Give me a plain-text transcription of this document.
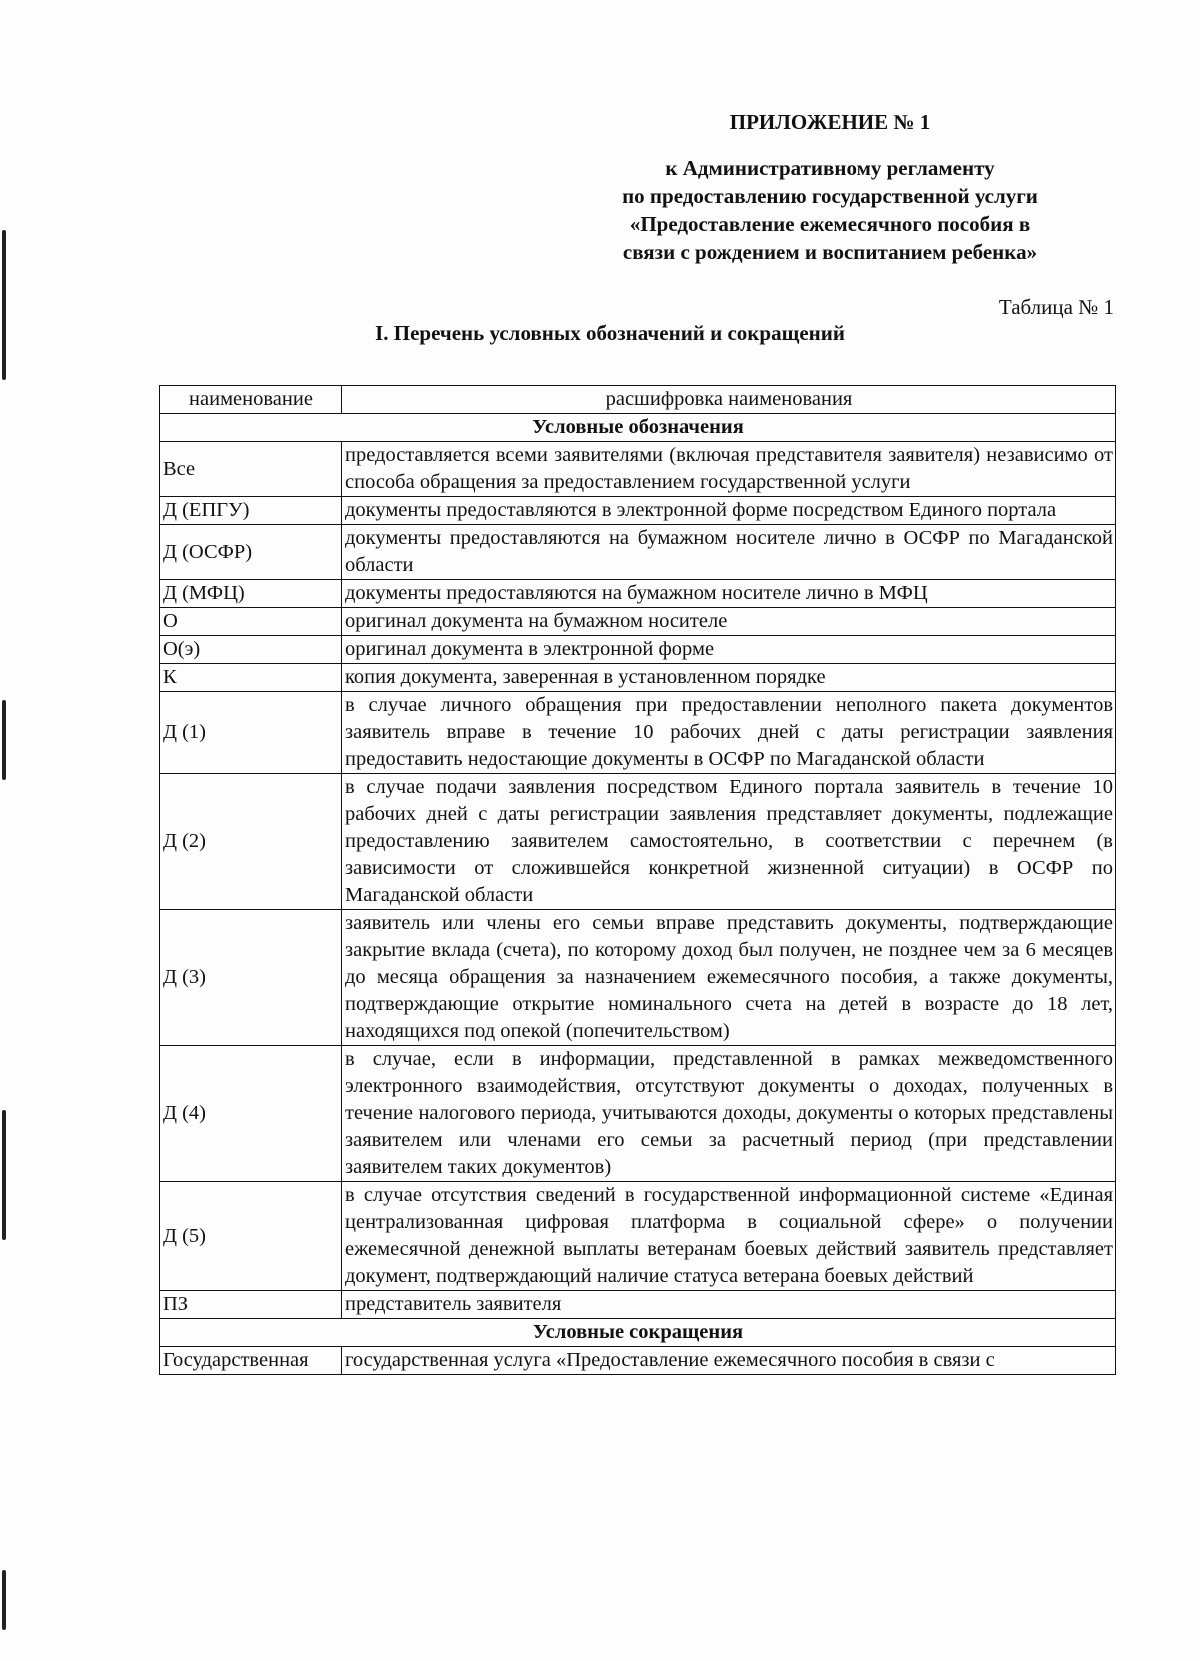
ПРИЛОЖЕНИЕ № 1
к Административному регламенту
по предоставлению государственной услуги
«Предоставление ежемесячного пособия в
связи с рождением и воспитанием ребенка»
Таблица № 1
I. Перечень условных обозначений и сокращений
наименование	расшифровка наименования
Условные обозначения	
Все	предоставляется всеми заявителями (включая представителя заявителя) независимо от способа обращения за предоставлением государственной услуги
Д (ЕПГУ)	документы предоставляются в электронной форме посредством Единого портала
Д (ОСФР)	документы предоставляются на бумажном носителе лично в ОСФР по Магаданской области
Д (МФЦ)	документы предоставляются на бумажном носителе лично в МФЦ
О	оригинал документа на бумажном носителе
О(э)	оригинал документа в электронной форме
К	копия документа, заверенная в установленном порядке
Д (1)	в случае личного обращения при предоставлении неполного пакета документов заявитель вправе в течение 10 рабочих дней с даты регистрации заявления предоставить недостающие документы в ОСФР по Магаданской области
Д (2)	в случае подачи заявления посредством Единого портала заявитель в течение 10 рабочих дней с даты регистрации заявления представляет документы, подлежащие предоставлению заявителем самостоятельно, в соответствии с перечнем (в зависимости от сложившейся конкретной жизненной ситуации) в ОСФР по Магаданской области
Д (3)	заявитель или члены его семьи вправе представить документы, подтверждающие закрытие вклада (счета), по которому доход был получен, не позднее чем за 6 месяцев до месяца обращения за назначением ежемесячного пособия, а также документы, подтверждающие открытие номинального счета на детей в возрасте до 18 лет, находящихся под опекой (попечительством)
Д (4)	в случае, если в информации, представленной в рамках межведомственного электронного взаимодействия, отсутствуют документы о доходах, полученных в течение налогового периода, учитываются доходы, документы о которых представлены заявителем или членами его семьи за расчетный период (при представлении заявителем таких документов)
Д (5)	в случае отсутствия сведений в государственной информационной системе «Единая централизованная цифровая платформа в социальной сфере» о получении ежемесячной денежной выплаты ветеранам боевых действий заявитель представляет документ, подтверждающий наличие статуса ветерана боевых действий
ПЗ	представитель заявителя
Условные сокращения	
Государственная	государственная услуга «Предоставление ежемесячного пособия в связи с
